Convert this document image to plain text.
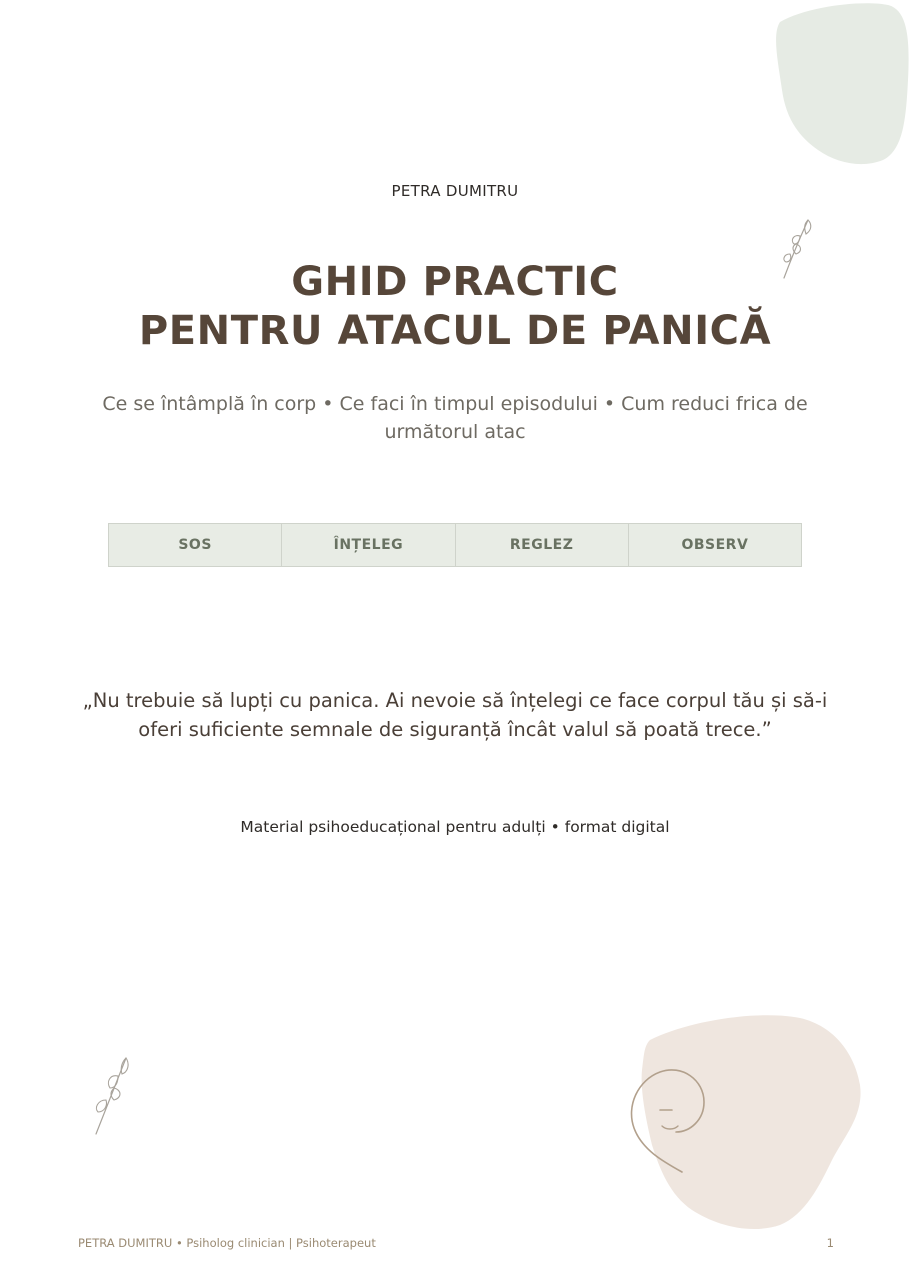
PETRA DUMITRU
GHID PRACTIC
PENTRU ATACUL DE PANICĂ
Ce se întâmplă în corp • Ce faci în timpul episodului • Cum reduci frica de următorul atac
SOS	ÎNȚELEG	REGLEZ	OBSERV
„Nu trebuie să lupți cu panica. Ai nevoie să înțelegi ce face corpul tău și să-i oferi suficiente semnale de siguranță încât valul să poată trece.”
Material psihoeducațional pentru adulți • format digital
PETRA DUMITRU • Psiholog clinician | Psihoterapeut	1
